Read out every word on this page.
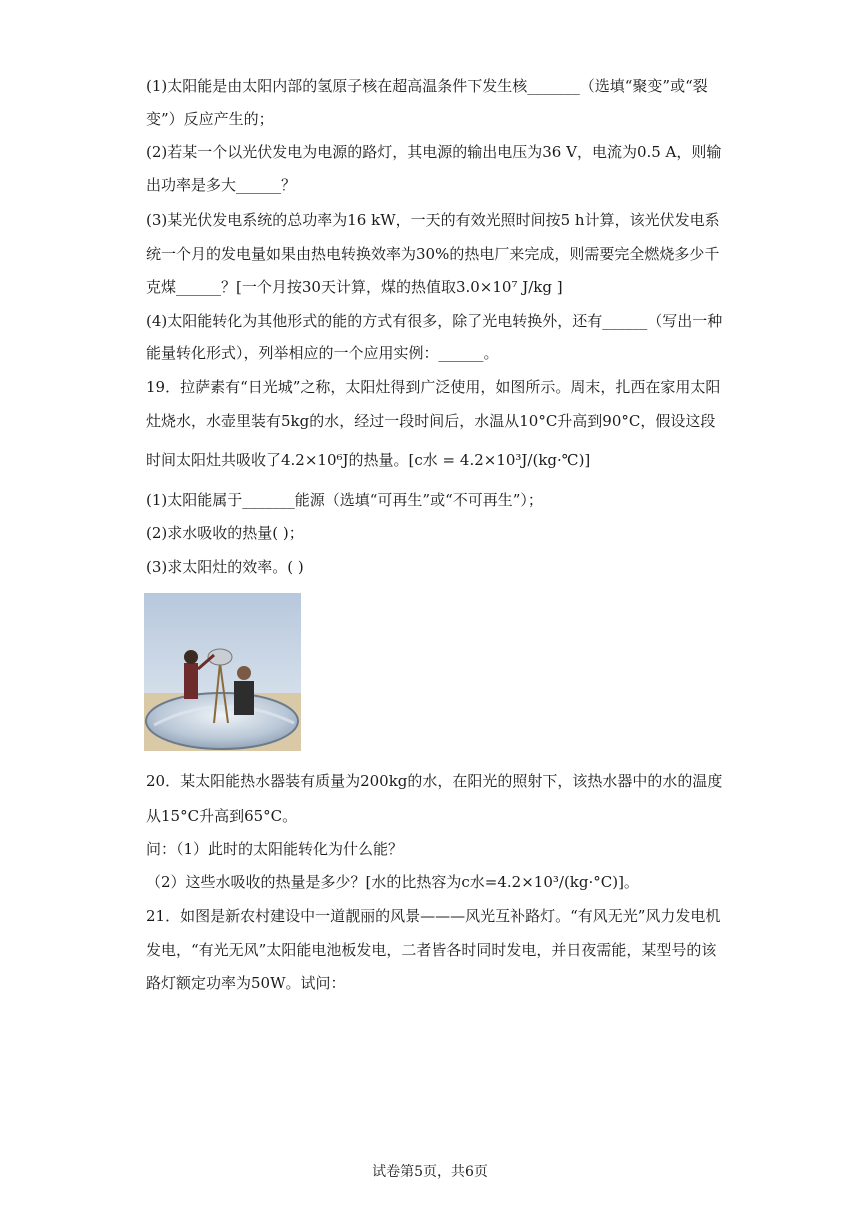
(1)太阳能是由太阳内部的氢原子核在超高温条件下发生核_______（选填“聚变”或“裂
变”）反应产生的；
(2)若某一个以光伏发电为电源的路灯，其电源的输出电压为36 V，电流为0.5 A，则输
出功率是多大______？
(3)某光伏发电系统的总功率为16 kW，一天的有效光照时间按5 h计算，该光伏发电系
统一个月的发电量如果由热电转换效率为30%的热电厂来完成，则需要完全燃烧多少千
克煤______？[一个月按30天计算，煤的热值取3.0×10⁷ J/kg ]
(4)太阳能转化为其他形式的能的方式有很多，除了光电转换外，还有______（写出一种
能量转化形式），列举相应的一个应用实例：______。
19．拉萨素有“日光城”之称，太阳灶得到广泛使用，如图所示。周末，扎西在家用太阳
灶烧水，水壶里装有5kg的水，经过一段时间后，水温从10°C升高到90°C，假设这段
时间太阳灶共吸收了4.2×10⁶J的热量。[c水 = 4.2×10³J/(kg·℃)]
(1)太阳能属于_______能源（选填“可再生”或“不可再生”）；
(2)求水吸收的热量( )；
(3)求太阳灶的效率。( )
20．某太阳能热水器装有质量为200kg的水，在阳光的照射下，该热水器中的水的温度
从15°C升高到65°C。
问：（1）此时的太阳能转化为什么能？
（2）这些水吸收的热量是多少？[水的比热容为c水=4.2×10³/(kg·°C)]。
21．如图是新农村建设中一道靓丽的风景———风光互补路灯。“有风无光”风力发电机
发电，“有光无风”太阳能电池板发电，二者皆各时同时发电，并日夜需能，某型号的该
路灯额定功率为50W。试问：
试卷第5页，共6页
